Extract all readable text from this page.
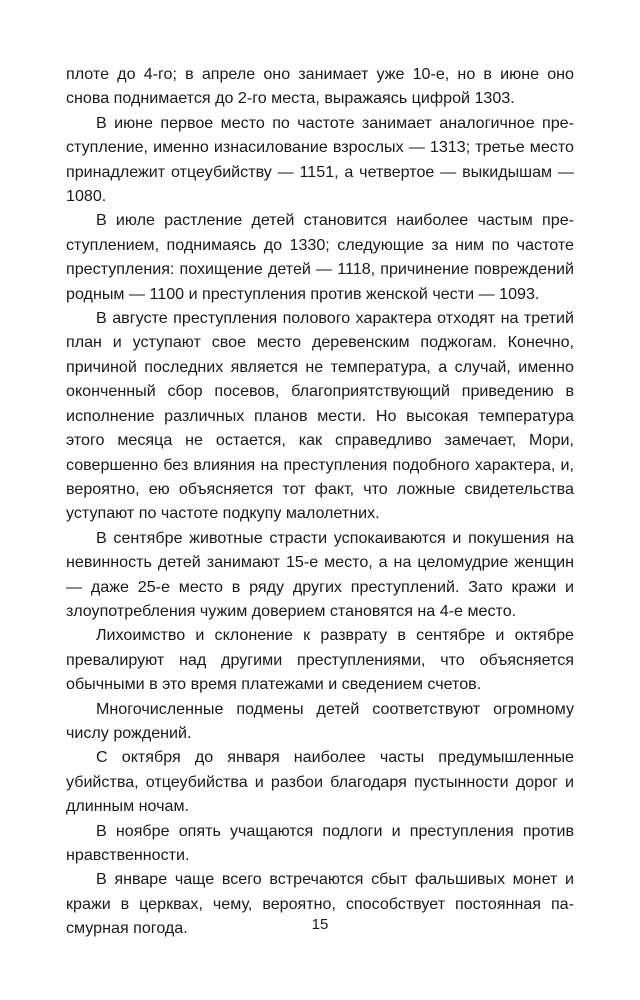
плоте до 4-го; в апреле оно занимает уже 10-е, но в июне оно снова поднимается до 2-го места, выражаясь цифрой 1303.

В июне первое место по частоте занимает аналогичное преступление, именно изнасилование взрослых — 1313; третье место принадлежит отцеубийству — 1151, а четвертое — выкидышам — 1080.

В июле растление детей становится наиболее частым преступлением, поднимаясь до 1330; следующие за ним по частоте преступления: похищение детей — 1118, причинение повреждений родным — 1100 и преступления против женской чести — 1093.

В августе преступления полового характера отходят на третий план и уступают свое место деревенским поджогам. Конечно, причиной последних является не температура, а случай, именно оконченный сбор посевов, благоприятствующий приведению в исполнение различных планов мести. Но высокая температура этого месяца не остается, как справедливо замечает, Мори, совершенно без влияния на преступления подобного характера, и, вероятно, ею объясняется тот факт, что ложные свидетельства уступают по частоте подкупу малолетних.

В сентябре животные страсти успокаиваются и покушения на невинность детей занимают 15-е место, а на целомудрие женщин — даже 25-е место в ряду других преступлений. Зато кражи и злоупотребления чужим доверием становятся на 4-е место.

Лихоимство и склонение к разврату в сентябре и октябре превалируют над другими преступлениями, что объясняется обычными в это время платежами и сведением счетов.

Многочисленные подмены детей соответствуют огромному числу рождений.

С октября до января наиболее часты предумышленные убийства, отцеубийства и разбои благодаря пустынности дорог и длинным ночам.

В ноябре опять учащаются подлоги и преступления против нравственности.

В январе чаще всего встречаются сбыт фальшивых монет и кражи в церквах, чему, вероятно, способствует постоянная пасмурная погода.	15
